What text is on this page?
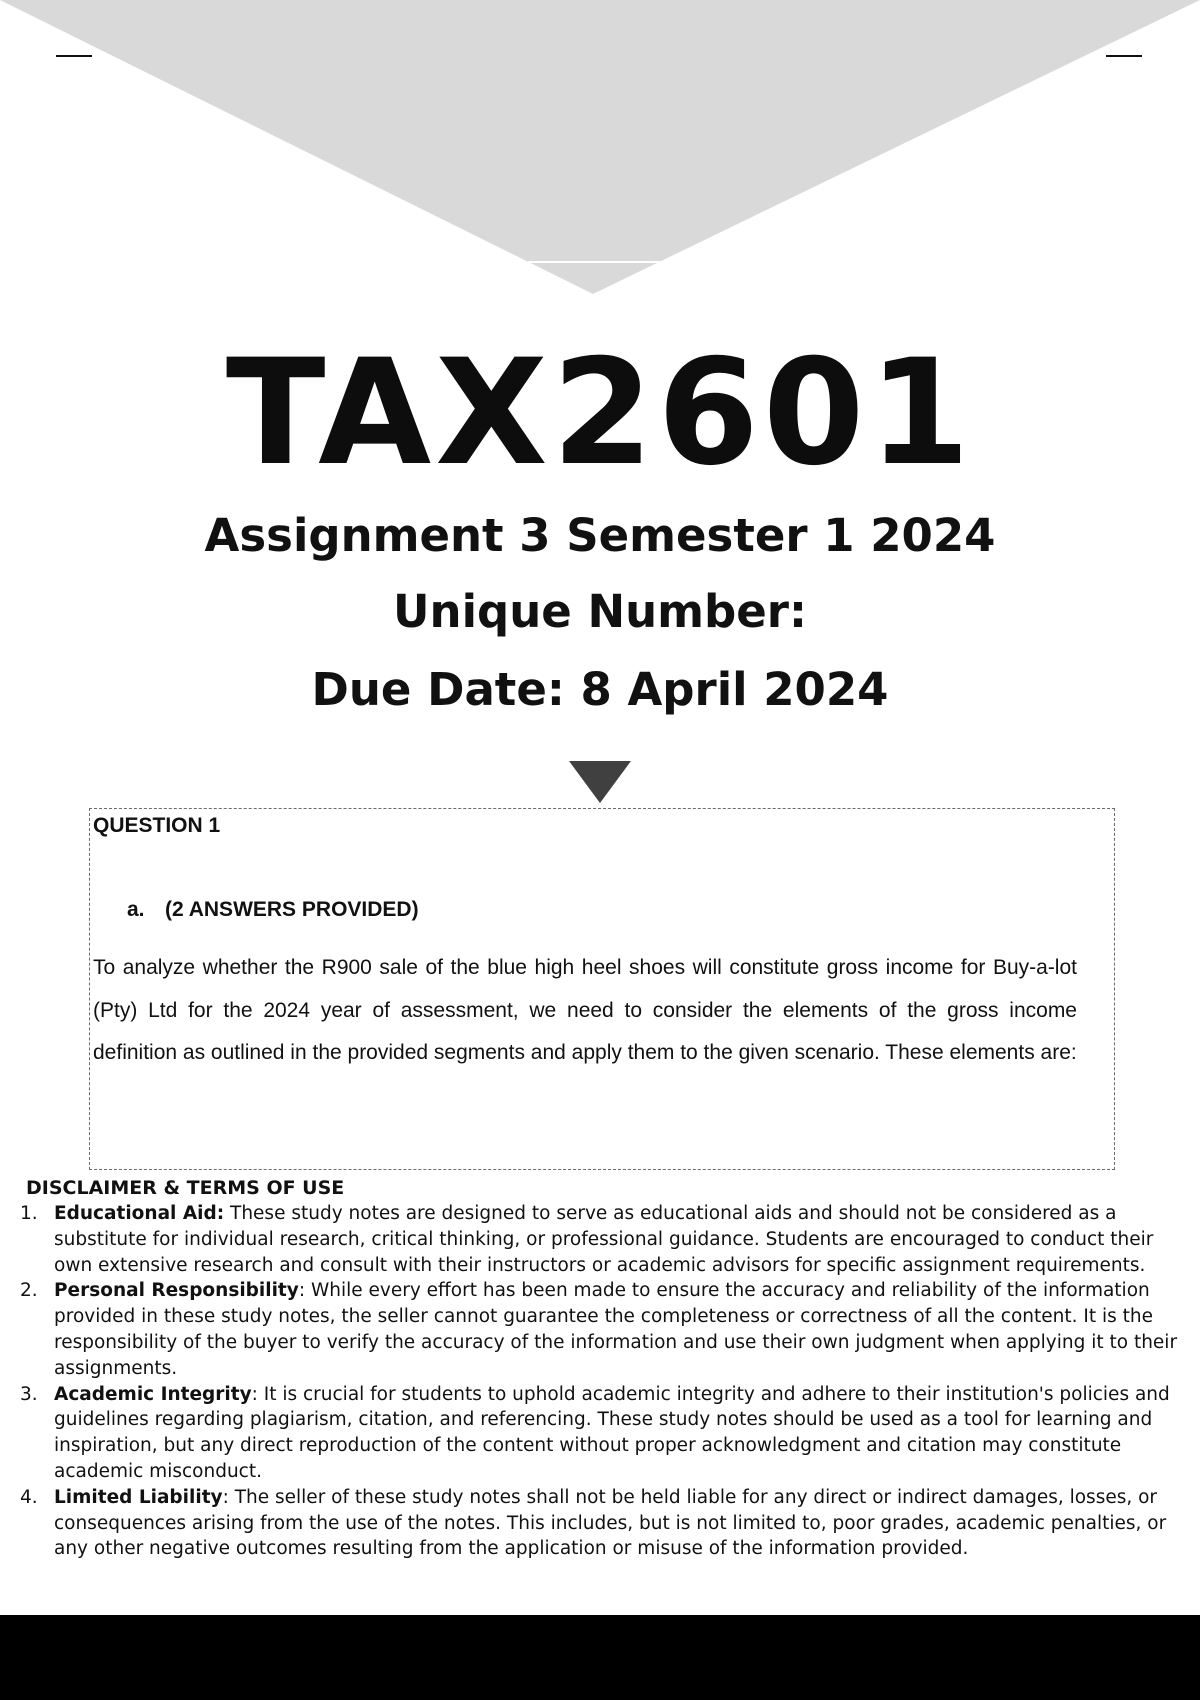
TAX2601

Assignment 3 Semester 1 2024

Unique Number:

Due Date: 8 April 2024

QUESTION 1

a. (2 ANSWERS PROVIDED)

To analyze whether the R900 sale of the blue high heel shoes will constitute gross income for Buy-a-lot (Pty) Ltd for the 2024 year of assessment, we need to consider the elements of the gross income definition as outlined in the provided segments and apply them to the given scenario. These elements are:

DISCLAIMER & TERMS OF USE
1. Educational Aid: These study notes are designed to serve as educational aids and should not be considered as a substitute for individual research, critical thinking, or professional guidance. Students are encouraged to conduct their own extensive research and consult with their instructors or academic advisors for specific assignment requirements.
2. Personal Responsibility: While every effort has been made to ensure the accuracy and reliability of the information provided in these study notes, the seller cannot guarantee the completeness or correctness of all the content. It is the responsibility of the buyer to verify the accuracy of the information and use their own judgment when applying it to their assignments.
3. Academic Integrity: It is crucial for students to uphold academic integrity and adhere to their institution's policies and guidelines regarding plagiarism, citation, and referencing. These study notes should be used as a tool for learning and inspiration, but any direct reproduction of the content without proper acknowledgment and citation may constitute academic misconduct.
4. Limited Liability: The seller of these study notes shall not be held liable for any direct or indirect damages, losses, or consequences arising from the use of the notes. This includes, but is not limited to, poor grades, academic penalties, or any other negative outcomes resulting from the application or misuse of the information provided.
